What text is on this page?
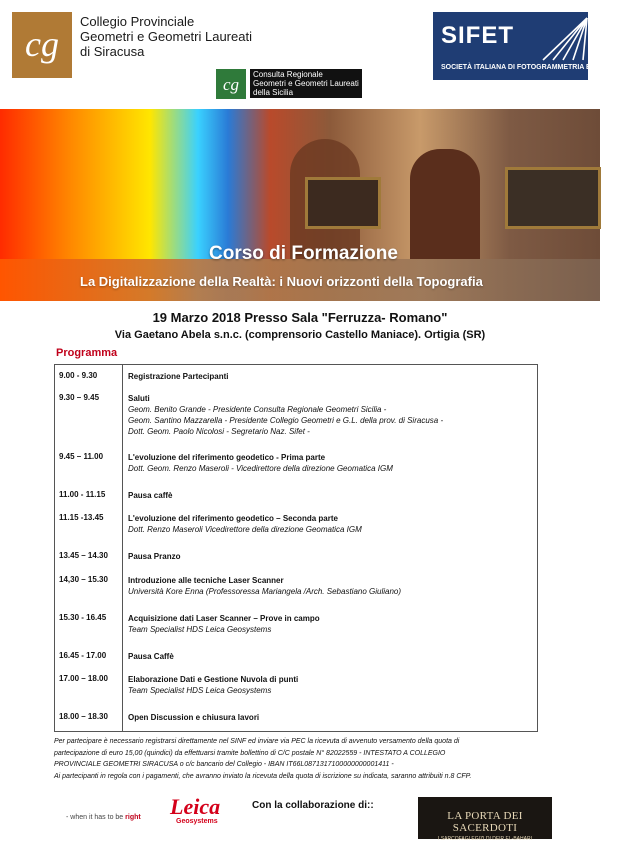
cg
Collegio Provinciale
Geometri e Geometri Laureati
di Siracusa
SIFET
SOCIETÀ ITALIANA DI FOTOGRAMMETRIA E TOPOGRAFIA
cg
Consulta Regionale
Geometri e Geometri Laureati
della Sicilia
Corso di Formazione
La Digitalizzazione della Realtà: i Nuovi orizzonti della Topografia
19 Marzo 2018 Presso Sala "Ferruzza- Romano"
Via Gaetano Abela s.n.c. (comprensorio Castello Maniace). Ortigia (SR)
Programma
9.00 - 9.30	Registrazione Partecipanti
9.30 – 9.45	Saluti
Geom. Benito Grande - Presidente Consulta Regionale Geometri Sicilia -
Geom. Santino Mazzarella - Presidente Collegio Geometri e G.L. della prov. di Siracusa -
Dott. Geom. Paolo Nicolosi - Segretario Naz. Sifet -
9.45 – 11.00	L'evoluzione del riferimento geodetico - Prima parte
Dott. Geom. Renzo Maseroli - Vicedirettore della direzione Geomatica IGM
11.00 - 11.15	Pausa caffè
11.15 -13.45	L'evoluzione del riferimento geodetico – Seconda parte
Dott. Renzo Maseroli Vicedirettore della direzione Geomatica IGM
13.45 – 14.30	Pausa Pranzo
14,30 – 15.30	Introduzione alle tecniche Laser Scanner
Università Kore Enna (Professoressa Mariangela /Arch. Sebastiano Giuliano)
15.30 - 16.45	Acquisizione dati Laser Scanner – Prove in campo
Team Specialist HDS Leica Geosystems
16.45 - 17.00	Pausa Caffè
17.00 – 18.00	Elaborazione Dati e Gestione Nuvola di punti
Team Specialist HDS Leica Geosystems
18.00 – 18.30	Open Discussion e chiusura lavori
Per partecipare è necessario registrarsi direttamente nel SINF ed inviare via PEC la ricevuta di avvenuto versamento della quota di
partecipazione di euro 15,00 (quindici) da effettuarsi tramite bollettino di C/C postale N° 82022559 - INTESTATO A COLLEGIO
PROVINCIALE GEOMETRI SIRACUSA o c/c bancario del Collegio - IBAN IT66L0871317100000000001411 -
Ai partecipanti in regola con i pagamenti, che avranno inviato la ricevuta della quota di iscrizione su indicata, saranno attribuiti n.8 CFP.
- when it has to be right Leica
Geosystems
Con la collaborazione di::
LA PORTA DEI SACERDOTI
I SARCOFAGI EGIZI DI DEIR EL-BAHARI
